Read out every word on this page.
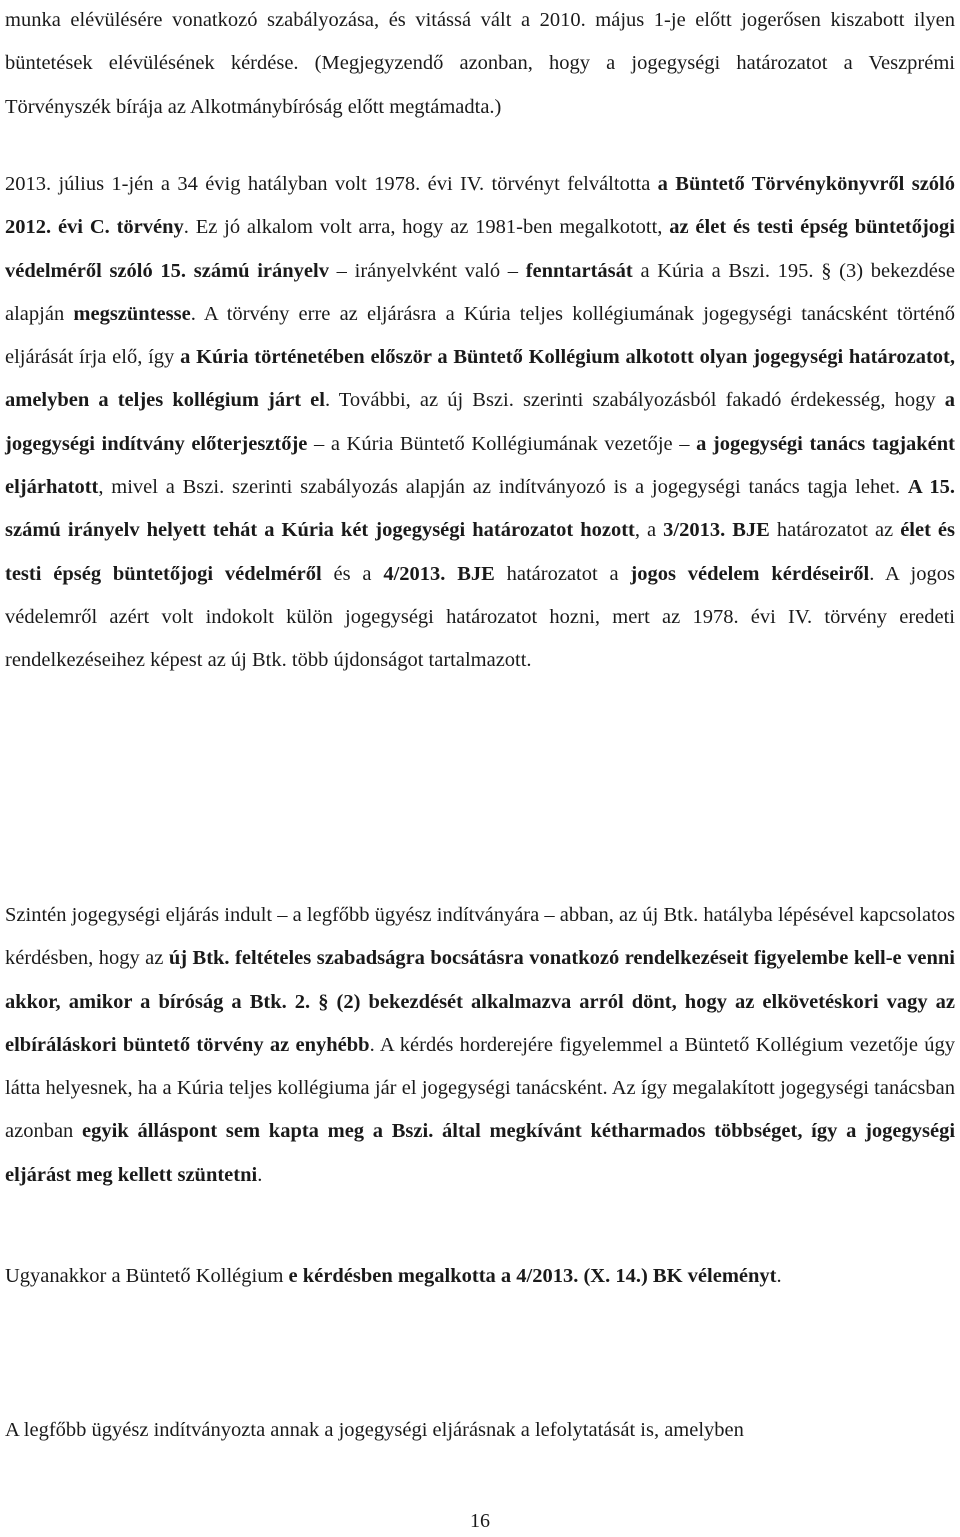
munka elévülésére vonatkozó szabályozása, és vitássá vált a 2010. május 1-je előtt jogerősen kiszabott ilyen büntetések elévülésének kérdése. (Megjegyzendő azonban, hogy a jogegységi határozatot a Veszprémi Törvényszék bírája az Alkotmánybíróság előtt megtámadta.)

2013. július 1-jén a 34 évig hatályban volt 1978. évi IV. törvényt felváltotta a Büntető Törvénykönyvről szóló 2012. évi C. törvény. Ez jó alkalom volt arra, hogy az 1981-ben megalkotott, az élet és testi épség büntetőjogi védelméről szóló 15. számú irányelv – irányelvként való – fenntartását a Kúria a Bszi. 195. § (3) bekezdése alapján megszüntesse. A törvény erre az eljárásra a Kúria teljes kollégiumának jogegységi tanácsként történő eljárását írja elő, így a Kúria történetében először a Büntető Kollégium alkotott olyan jogegységi határozatot, amelyben a teljes kollégium járt el. További, az új Bszi. szerinti szabályozásból fakadó érdekesség, hogy a jogegységi indítvány előterjesztője – a Kúria Büntető Kollégiumának vezetője – a jogegységi tanács tagjaként eljárhatott, mivel a Bszi. szerinti szabályozás alapján az indítványozó is a jogegységi tanács tagja lehet. A 15. számú irányelv helyett tehát a Kúria két jogegységi határozatot hozott, a 3/2013. BJE határozatot az élet és testi épség büntetőjogi védelméről és a 4/2013. BJE határozatot a jogos védelem kérdéseiről. A jogos védelemről azért volt indokolt külön jogegységi határozatot hozni, mert az 1978. évi IV. törvény eredeti rendelkezéseihez képest az új Btk. több újdonságot tartalmazott.

Szintén jogegységi eljárás indult – a legfőbb ügyész indítványára – abban, az új Btk. hatályba lépésével kapcsolatos kérdésben, hogy az új Btk. feltételes szabadságra bocsátásra vonatkozó rendelkezéseit figyelembe kell-e venni akkor, amikor a bíróság a Btk. 2. § (2) bekezdését alkalmazva arról dönt, hogy az elkövetéskori vagy az elbíráláskori büntető törvény az enyhébb. A kérdés horderejére figyelemmel a Büntető Kollégium vezetője úgy látta helyesnek, ha a Kúria teljes kollégiuma jár el jogegységi tanácsként. Az így megalakított jogegységi tanácsban azonban egyik álláspont sem kapta meg a Bszi. által megkívánt kétharmados többséget, így a jogegységi eljárást meg kellett szüntetni.

Ugyanakkor a Büntető Kollégium e kérdésben megalkotta a 4/2013. (X. 14.) BK véleményt.

A legfőbb ügyész indítványozta annak a jogegységi eljárásnak a lefolytatását is, amelyben

16
